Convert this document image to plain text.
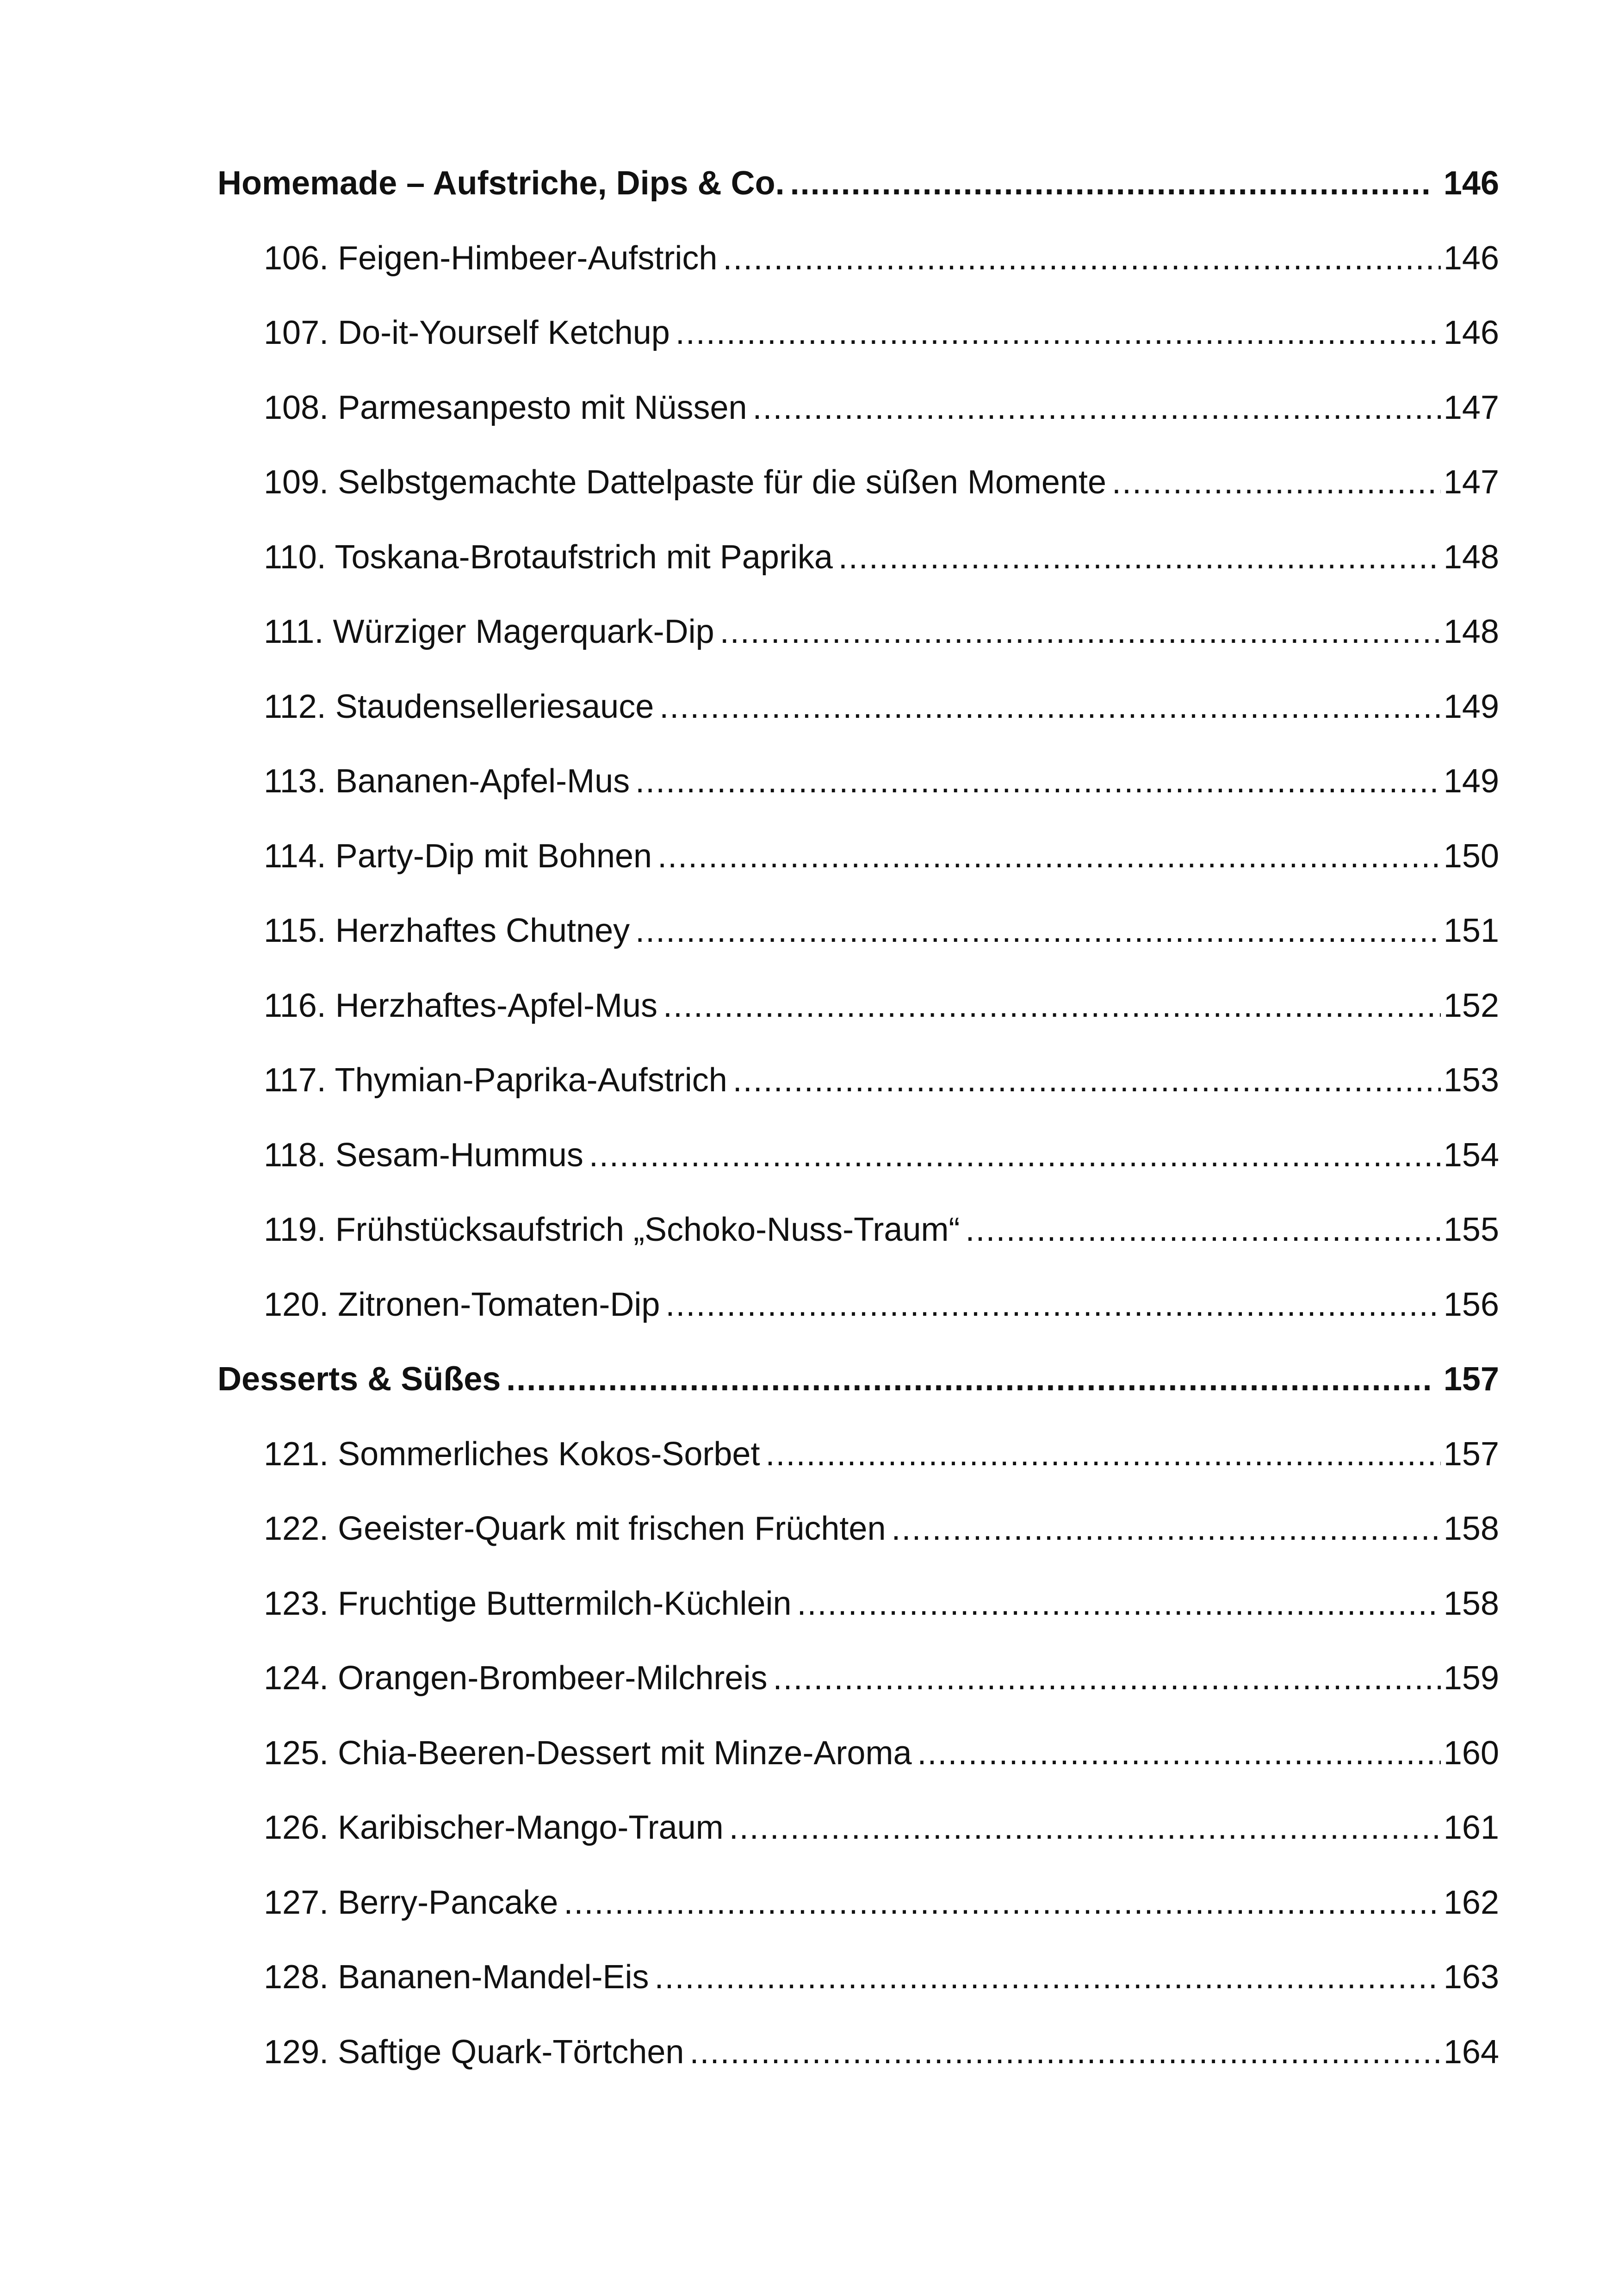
Homemade – Aufstriche, Dips & Co. .....	146
106. Feigen-Himbeer-Aufstrich .....	146
107. Do-it-Yourself Ketchup .....	146
108. Parmesanpesto mit Nüssen .....	147
109. Selbstgemachte Dattelpaste für die süßen Momente .....	147
110. Toskana-Brotaufstrich mit Paprika .....	148
111. Würziger Magerquark-Dip .....	148
112. Staudenselleriesauce .....	149
113. Bananen-Apfel-Mus .....	149
114. Party-Dip mit Bohnen .....	150
115. Herzhaftes Chutney .....	151
116. Herzhaftes-Apfel-Mus .....	152
117. Thymian-Paprika-Aufstrich .....	153
118. Sesam-Hummus .....	154
119. Frühstücksaufstrich „Schoko-Nuss-Traum“ .....	155
120. Zitronen-Tomaten-Dip .....	156
Desserts & Süßes .....	157
121. Sommerliches Kokos-Sorbet .....	157
122. Geeister-Quark mit frischen Früchten .....	158
123. Fruchtige Buttermilch-Küchlein .....	158
124. Orangen-Brombeer-Milchreis .....	159
125. Chia-Beeren-Dessert mit Minze-Aroma .....	160
126. Karibischer-Mango-Traum .....	161
127. Berry-Pancake .....	162
128. Bananen-Mandel-Eis .....	163
129. Saftige Quark-Törtchen .....	164
